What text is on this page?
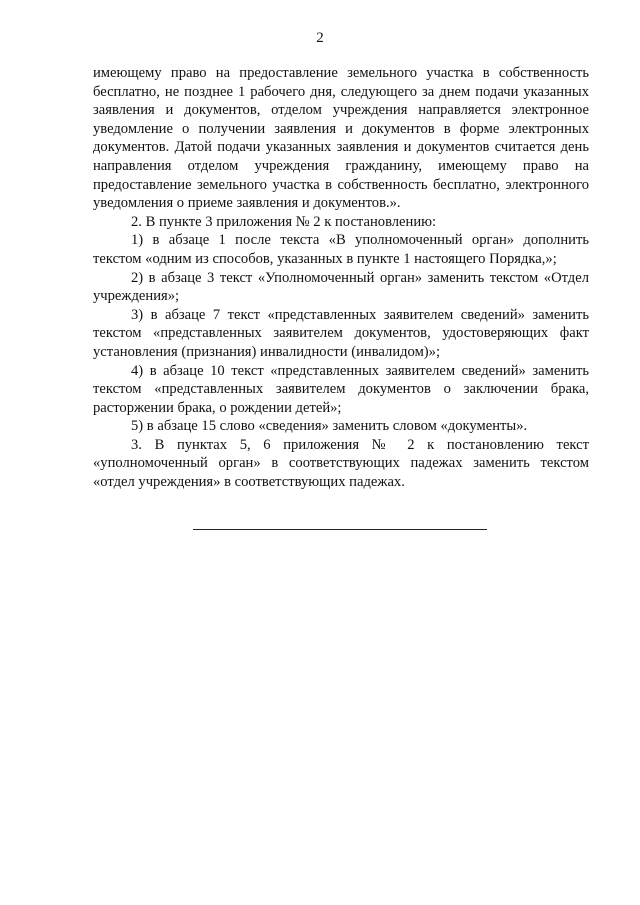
2

имеющему право на предоставление земельного участка в собственность бесплатно, не позднее 1 рабочего дня, следующего за днем подачи указанных заявления и документов, отделом учреждения направляется электронное уведомление о получении заявления и документов в форме электронных документов. Датой подачи указанных заявления и документов считается день направления отделом учреждения гражданину, имеющему право на предоставление земельного участка в собственность бесплатно, электронного уведомления о приеме заявления и документов.».

2. В пункте 3 приложения № 2 к постановлению:

1) в абзаце 1 после текста «В уполномоченный орган» дополнить текстом «одним из способов, указанных в пункте 1 настоящего Порядка,»;

2) в абзаце 3 текст «Уполномоченный орган» заменить текстом «Отдел учреждения»;

3) в абзаце 7 текст «представленных заявителем сведений» заменить текстом «представленных заявителем документов, удостоверяющих факт установления (признания) инвалидности (инвалидом)»;

4) в абзаце 10 текст «представленных заявителем сведений» заменить текстом «представленных заявителем документов о заключении брака, расторжении брака, о рождении детей»;

5) в абзаце 15 слово «сведения» заменить словом «документы».

3. В пунктах 5, 6 приложения № 2 к постановлению текст «уполномоченный орган» в соответствующих падежах заменить текстом «отдел учреждения» в соответствующих падежах.
